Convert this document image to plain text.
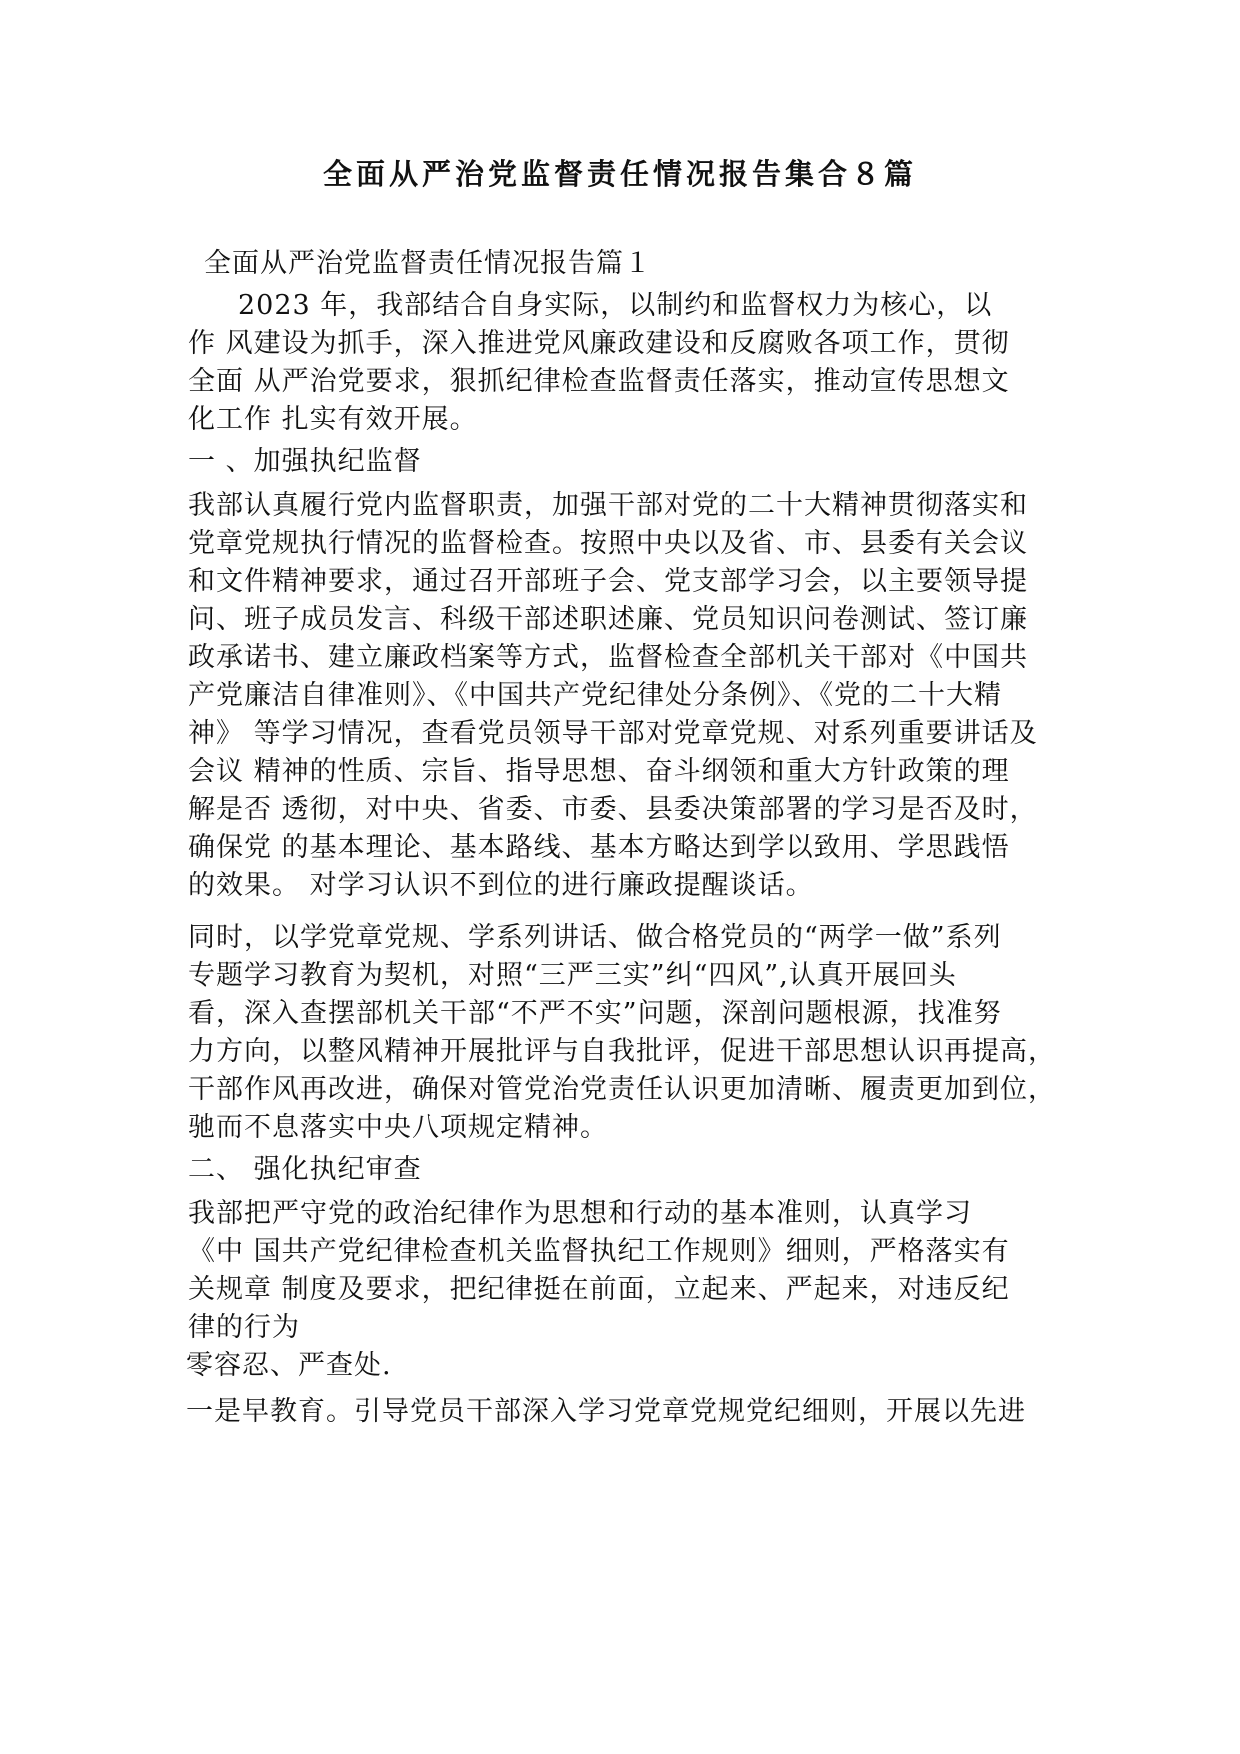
全面从严治党监督责任情况报告集合８篇

全面从严治党监督责任情况报告篇１

2023 年，我部结合自身实际，以制约和监督权力为核心，以

作 风建设为抓手，深入推进党风廉政建设和反腐败各项工作，贯彻

全面 从严治党要求，狠抓纪律检查监督责任落实，推动宣传思想文

化工作 扎实有效开展。

一 、加强执纪监督

我部认真履行党内监督职责，加强干部对党的二十大精神贯彻落实和

党章党规执行情况的监督检查。按照中央以及省、市、县委有关会议

和文件精神要求，通过召开部班子会、党支部学习会，以主要领导提

问、班子成员发言、科级干部述职述廉、党员知识问卷测试、签订廉

政承诺书、建立廉政档案等方式，监督检查全部机关干部对《中国共

产党廉洁自律准则》、《中国共产党纪律处分条例》、《党的二十大精

神》 等学习情况，查看党员领导干部对党章党规、对系列重要讲话及

会议 精神的性质、宗旨、指导思想、奋斗纲领和重大方针政策的理

解是否 透彻，对中央、省委、市委、县委决策部署的学习是否及时，

确保党 的基本理论、基本路线、基本方略达到学以致用、学思践悟

的效果。 对学习认识不到位的进行廉政提醒谈话。

同时，以学党章党规、学系列讲话、做合格党员的“两学一做”系列

专题学习教育为契机，对照“三严三实”纠“四风”,认真开展回头

看，深入查摆部机关干部“不严不实”问题，深剖问题根源，找准努

力方向，以整风精神开展批评与自我批评，促进干部思想认识再提高，

干部作风再改进，确保对管党治党责任认识更加清晰、履责更加到位，

驰而不息落实中央八项规定精神。

二、 强化执纪审查

我部把严守党的政治纪律作为思想和行动的基本准则，认真学习

《中 国共产党纪律检查机关监督执纪工作规则》细则，严格落实有

关规章 制度及要求，把纪律挺在前面，立起来、严起来，对违反纪

律的行为

零容忍、严查处.

一是早教育。引导党员干部深入学习党章党规党纪细则，开展以先进
